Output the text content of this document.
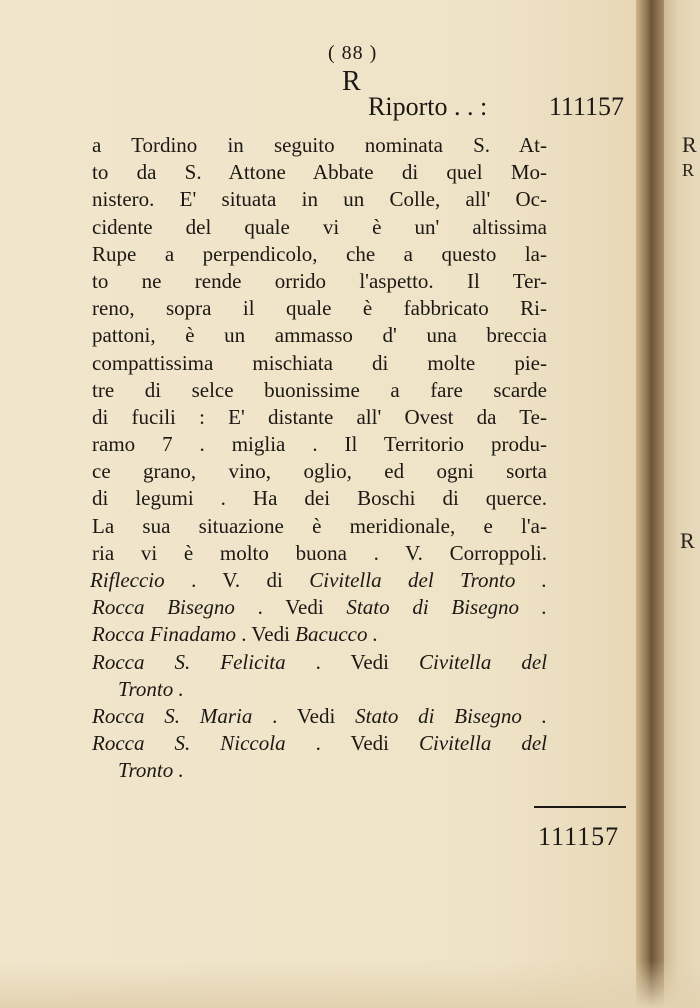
R
R
R
( 88 )
R
Riporto . . : 111157
a Tordino in seguito nominata S. At-
to da S. Attone Abbate di quel Mo-
nistero. E' situata in un Colle, all' Oc-
cidente del quale vi è un' altissima
Rupe a perpendicolo, che a questo la-
to ne rende orrido l'aspetto. Il Ter-
reno, sopra il quale è fabbricato Ri-
pattoni, è un ammasso d' una breccia
compattissima mischiata di molte pie-
tre di selce buonissime a fare scarde
di fucili : E' distante all' Ovest da Te-
ramo 7 . miglia . Il Territorio produ-
ce grano, vino, oglio, ed ogni sorta
di legumi . Ha dei Boschi di querce.
La sua situazione è meridionale, e l'a-
ria vi è molto buona . V. Corroppoli.
Rifleccio . V. di Civitella del Tronto .
Rocca Bisegno . Vedi Stato di Bisegno .
Rocca Finadamo . Vedi Bacucco .
Rocca S. Felicita . Vedi Civitella del
Tronto .
Rocca S. Maria . Vedi Stato di Bisegno .
Rocca S. Niccola . Vedi Civitella del
Tronto .
111157
